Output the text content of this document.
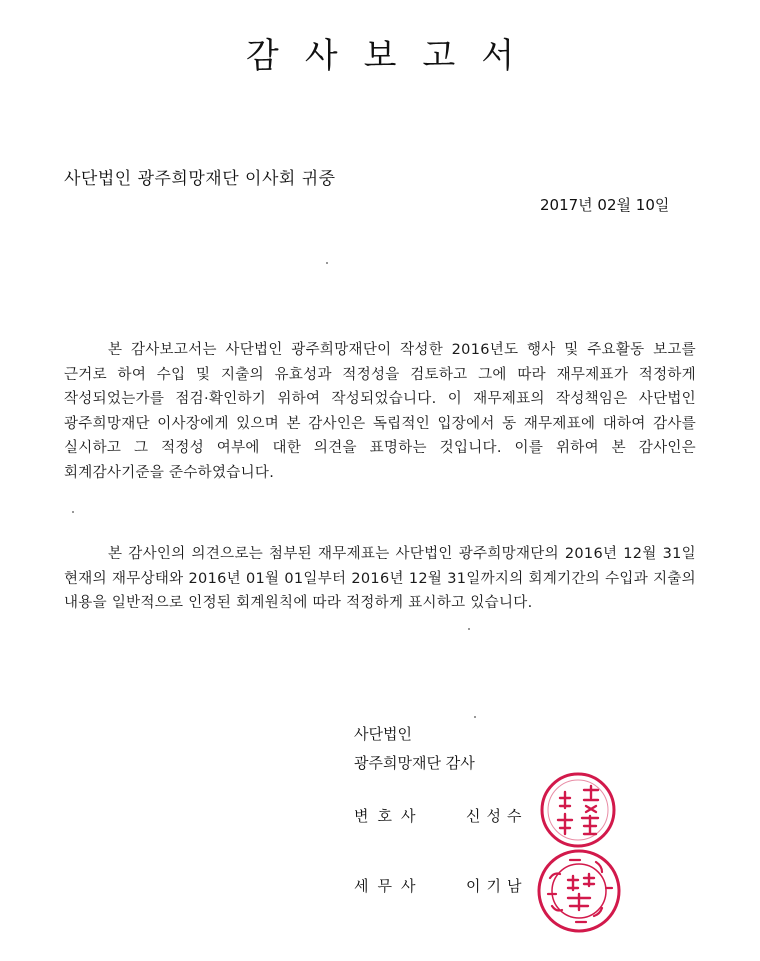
감사보고서
사단법인 광주희망재단 이사회 귀중
2017년 02월 10일
본 감사보고서는 사단법인 광주희망재단이 작성한 2016년도 행사 및 주요활동 보고를 근거로 하여 수입 및 지출의 유효성과 적정성을 검토하고 그에 따라 재무제표가 적정하게 작성되었는가를 점검·확인하기 위하여 작성되었습니다. 이 재무제표의 작성책임은 사단법인 광주희망재단 이사장에게 있으며 본 감사인은 독립적인 입장에서 동 재무제표에 대하여 감사를 실시하고 그 적정성 여부에 대한 의견을 표명하는 것입니다. 이를 위하여 본 감사인은 회계감사기준을 준수하였습니다.
본 감사인의 의견으로는 첨부된 재무제표는 사단법인 광주희망재단의 2016년 12월 31일 현재의 재무상태와 2016년 01월 01일부터 2016년 12월 31일까지의 회계기간의 수입과 지출의 내용을 일반적으로 인정된 회계원칙에 따라 적정하게 표시하고 있습니다.
사단법인
광주희망재단 감사
변호사	신성수
세무사	이기남
